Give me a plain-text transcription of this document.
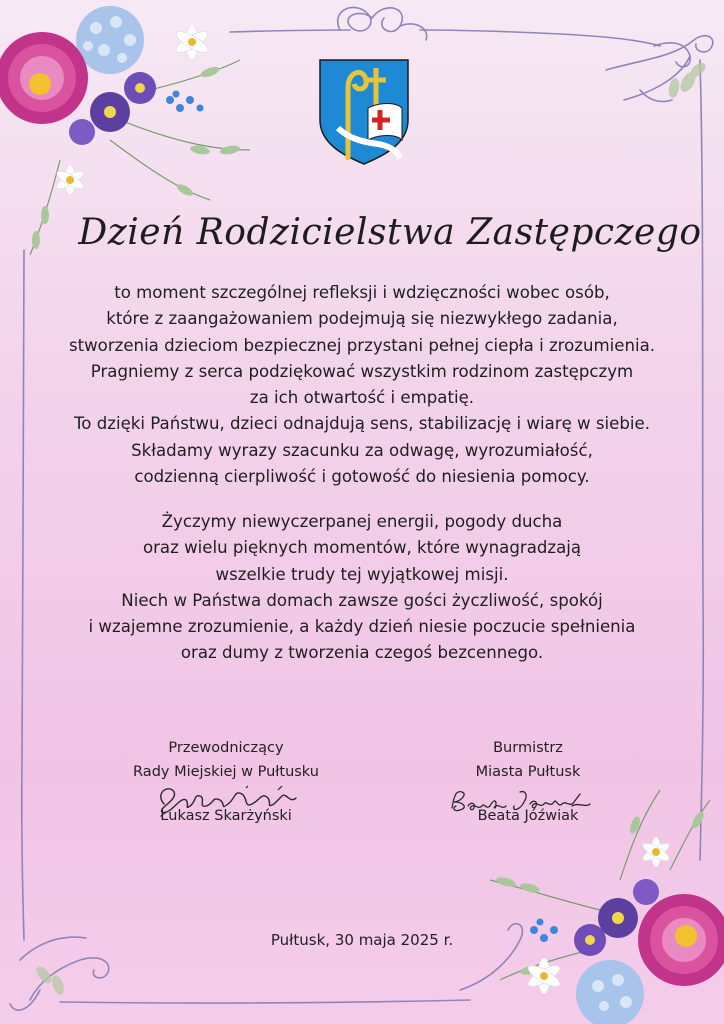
Dzień Rodzicielstwa Zastępczego
to moment szczególnej refleksji i wdzięczności wobec osób,
które z zaangażowaniem podejmują się niezwykłego zadania,
stworzenia dzieciom bezpiecznej przystani pełnej ciepła i zrozumienia.
Pragniemy z serca podziękować wszystkim rodzinom zastępczym
za ich otwartość i empatię.
To dzięki Państwu, dzieci odnajdują sens, stabilizację i wiarę w siebie.
Składamy wyrazy szacunku za odwagę, wyrozumiałość,
codzienną cierpliwość i gotowość do niesienia pomocy.
Życzymy niewyczerpanej energii, pogody ducha
oraz wielu pięknych momentów, które wynagradzają
wszelkie trudy tej wyjątkowej misji.
Niech w Państwa domach zawsze gości życzliwość, spokój
i wzajemne zrozumienie, a każdy dzień niesie poczucie spełnienia
oraz dumy z tworzenia czegoś bezcennego.
Przewodniczący
Rady Miejskiej w Pułtusku
Łukasz Skarżyński
Burmistrz
Miasta Pułtusk
Beata Jóźwiak
Pułtusk, 30 maja 2025 r.
